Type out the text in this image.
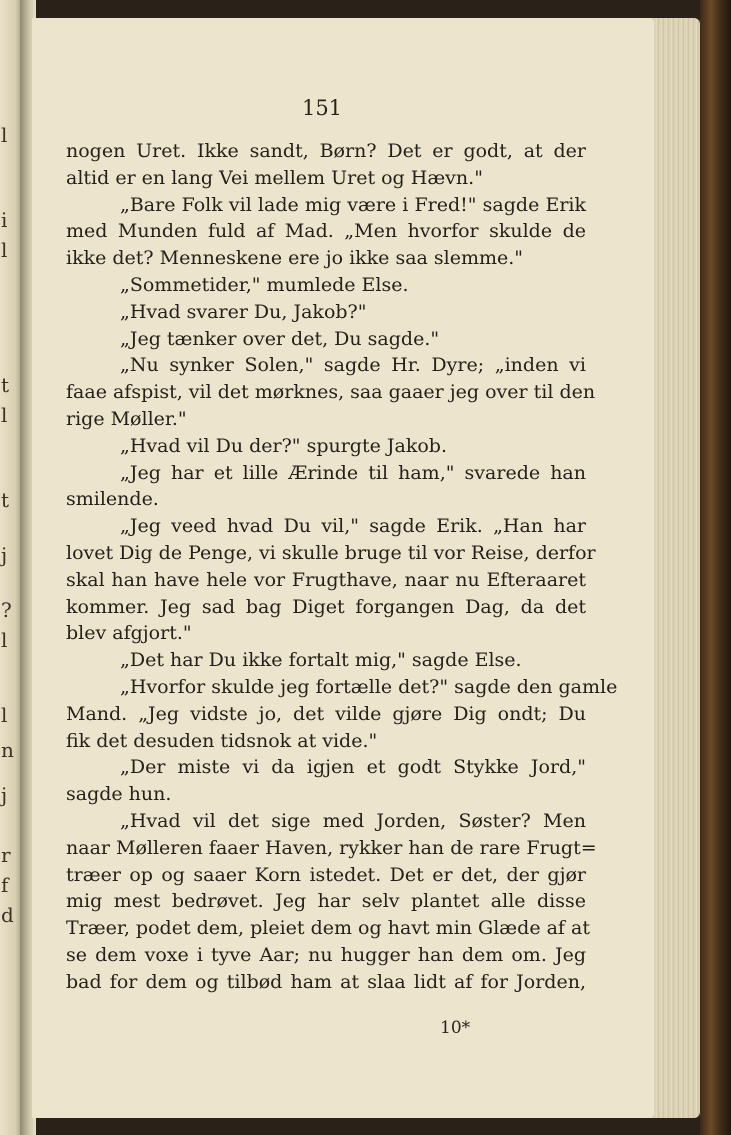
l
i
l
t
l
t
j
?
l
l
n
j
r
f
d
151
nogen Uret. Ikke sandt, Børn? Det er godt, at der
altid er en lang Vei mellem Uret og Hævn."
„Bare Folk vil lade mig være i Fred!" sagde Erik
med Munden fuld af Mad. „Men hvorfor skulde de
ikke det? Menneskene ere jo ikke saa slemme."
„Sommetider," mumlede Else.
„Hvad svarer Du, Jakob?"
„Jeg tænker over det, Du sagde."
„Nu synker Solen," sagde Hr. Dyre; „inden vi
faae afspist, vil det mørknes, saa gaaer jeg over til den
rige Møller."
„Hvad vil Du der?" spurgte Jakob.
„Jeg har et lille Ærinde til ham," svarede han
smilende.
„Jeg veed hvad Du vil," sagde Erik. „Han har
lovet Dig de Penge, vi skulle bruge til vor Reise, derfor
skal han have hele vor Frugthave, naar nu Efteraaret
kommer. Jeg sad bag Diget forgangen Dag, da det
blev afgjort."
„Det har Du ikke fortalt mig," sagde Else.
„Hvorfor skulde jeg fortælle det?" sagde den gamle
Mand. „Jeg vidste jo, det vilde gjøre Dig ondt; Du
fik det desuden tidsnok at vide."
„Der miste vi da igjen et godt Stykke Jord,"
sagde hun.
„Hvad vil det sige med Jorden, Søster? Men
naar Mølleren faaer Haven, rykker han de rare Frugt=
træer op og saaer Korn istedet. Det er det, der gjør
mig mest bedrøvet. Jeg har selv plantet alle disse
Træer, podet dem, pleiet dem og havt min Glæde af at
se dem voxe i tyve Aar; nu hugger han dem om. Jeg
bad for dem og tilbød ham at slaa lidt af for Jorden,
10*
